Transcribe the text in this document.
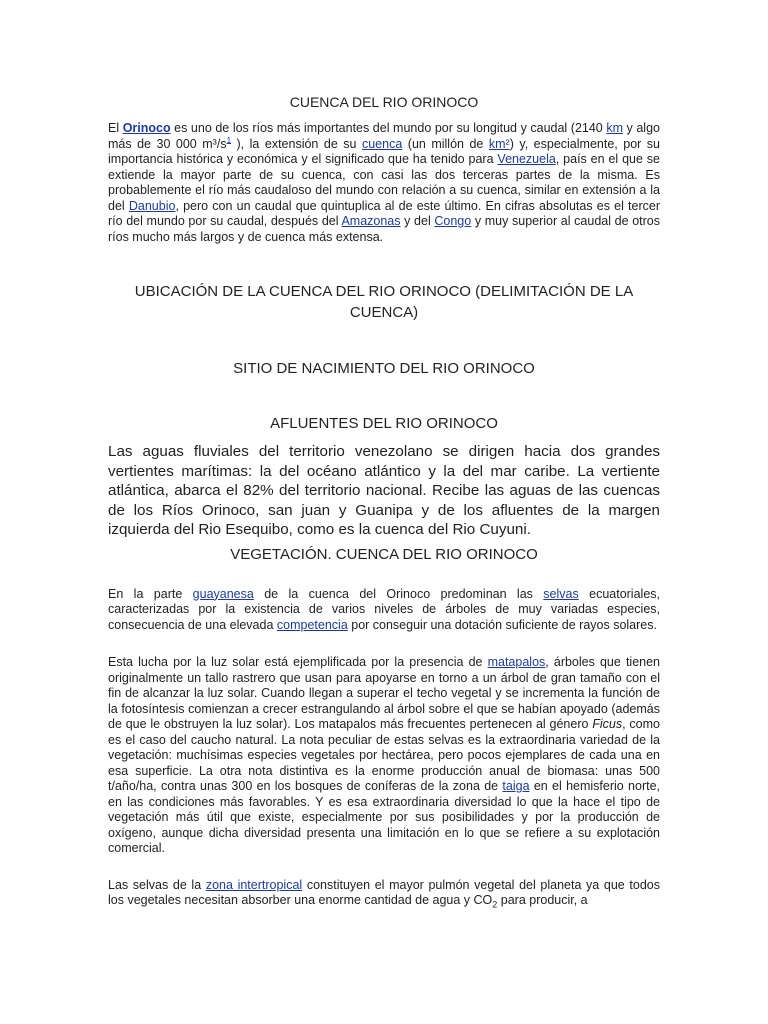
CUENCA DEL RIO ORINOCO

El Orinoco es uno de los ríos más importantes del mundo por su longitud y caudal (2140 km y algo más de 30 000 m³/s$^1$ ), la extensión de su cuenca (un millón de km²) y, especialmente, por su importancia histórica y económica y el significado que ha tenido para Venezuela, país en el que se extiende la mayor parte de su cuenca, con casi las dos terceras partes de la misma. Es probablemente el río más caudaloso del mundo con relación a su cuenca, similar en extensión a la del Danubio, pero con un caudal que quintuplica al de este último. En cifras absolutas es el tercer río del mundo por su caudal, después del Amazonas y del Congo y muy superior al caudal de otros ríos mucho más largos y de cuenca más extensa.

UBICACIÓN DE LA CUENCA DEL RIO ORINOCO (DELIMITACIÓN DE LA CUENCA)
SITIO DE NACIMIENTO DEL RIO ORINOCO
AFLUENTES DEL RIO ORINOCO

Las aguas fluviales del territorio venezolano se dirigen hacia dos grandes vertientes marítimas: la del océano atlántico y la del mar caribe. La vertiente atlántica, abarca el 82% del territorio nacional. Recibe las aguas de las cuencas de los Ríos Orinoco, san juan y Guanipa y de los afluentes de la margen izquierda del Rio Esequibo, como es la cuenca del Rio Cuyuni.

VEGETACIÓN. CUENCA DEL RIO ORINOCO

En la parte guayanesa de la cuenca del Orinoco predominan las selvas ecuatoriales, caracterizadas por la existencia de varios niveles de árboles de muy variadas especies, consecuencia de una elevada competencia por conseguir una dotación suficiente de rayos solares.

Esta lucha por la luz solar está ejemplificada por la presencia de matapalos, árboles que tienen originalmente un tallo rastrero que usan para apoyarse en torno a un árbol de gran tamaño con el fin de alcanzar la luz solar. Cuando llegan a superar el techo vegetal y se incrementa la función de la fotosíntesis comienzan a crecer estrangulando al árbol sobre el que se habían apoyado (además de que le obstruyen la luz solar). Los matapalos más frecuentes pertenecen al género Ficus, como es el caso del caucho natural. La nota peculiar de estas selvas es la extraordinaria variedad de la vegetación: muchísimas especies vegetales por hectárea, pero pocos ejemplares de cada una en esa superficie. La otra nota distintiva es la enorme producción anual de biomasa: unas 500 t/año/ha, contra unas 300 en los bosques de coníferas de la zona de taiga en el hemisferio norte, en las condiciones más favorables. Y es esa extraordinaria diversidad lo que la hace el tipo de vegetación más útil que existe, especialmente por sus posibilidades y por la producción de oxígeno, aunque dicha diversidad presenta una limitación en lo que se refiere a su explotación comercial.

Las selvas de la zona intertropical constituyen el mayor pulmón vegetal del planeta ya que todos los vegetales necesitan absorber una enorme cantidad de agua y $CO_2$ para producir, a
